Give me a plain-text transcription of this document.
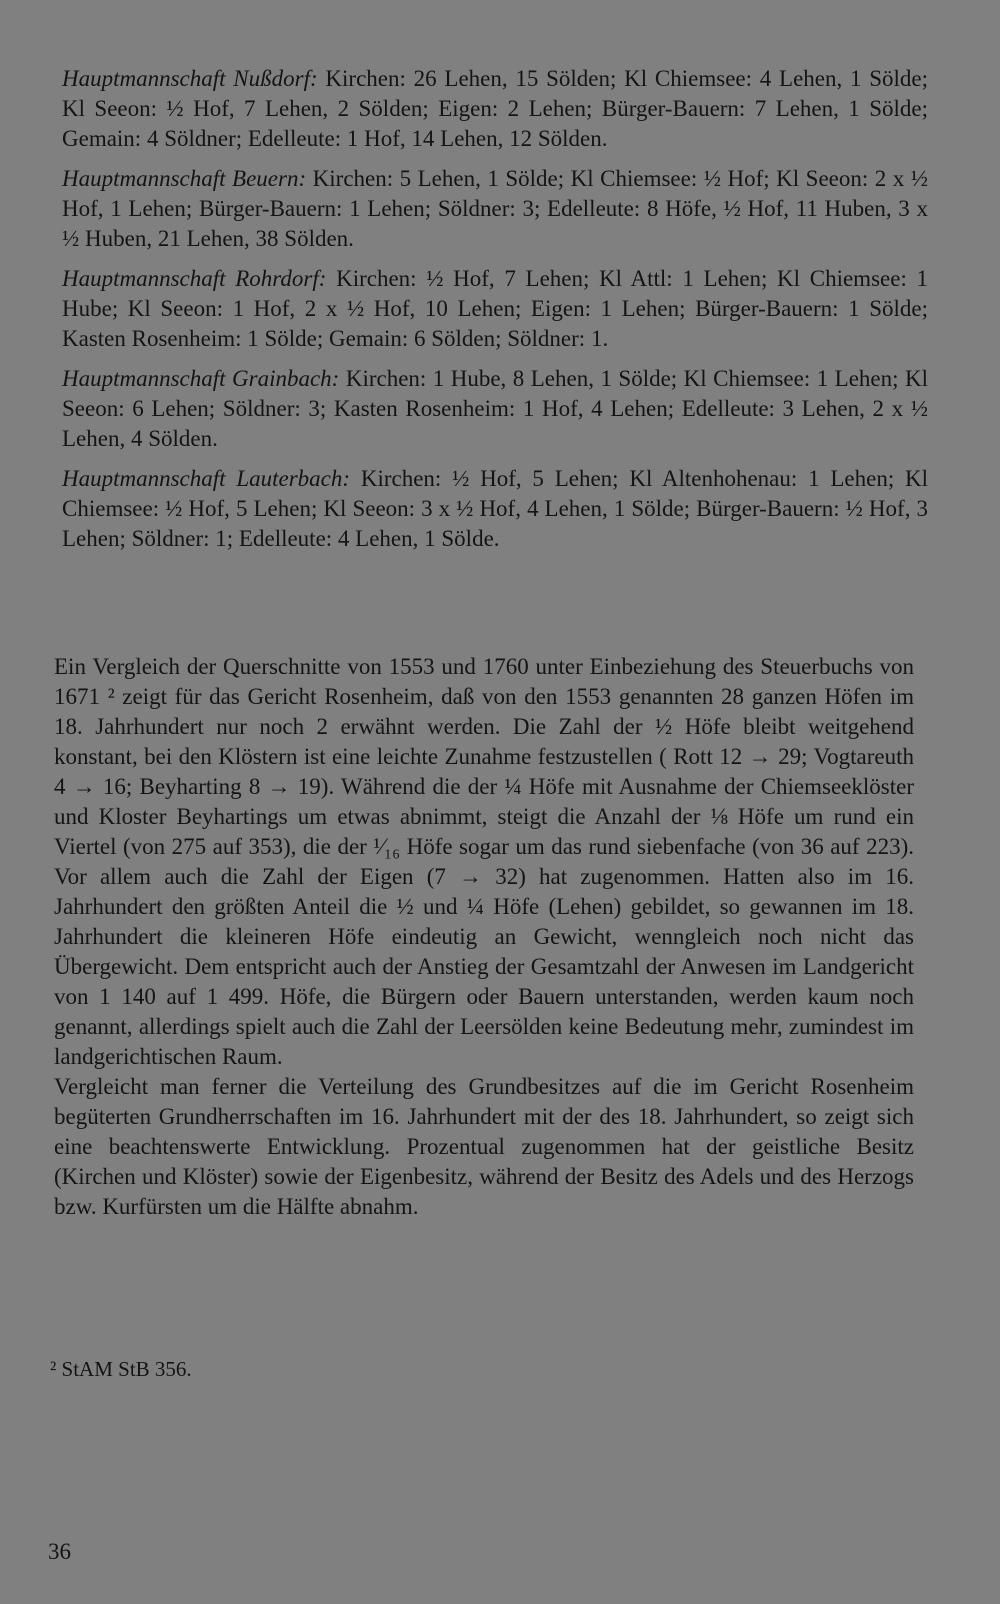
Hauptmannschaft Nußdorf: Kirchen: 26 Lehen, 15 Sölden; Kl Chiemsee: 4 Lehen, 1 Sölde; Kl Seeon: ½ Hof, 7 Lehen, 2 Sölden; Eigen: 2 Lehen; Bürger-Bauern: 7 Lehen, 1 Sölde; Gemain: 4 Söldner; Edelleute: 1 Hof, 14 Lehen, 12 Sölden.

Hauptmannschaft Beuern: Kirchen: 5 Lehen, 1 Sölde; Kl Chiemsee: ½ Hof; Kl Seeon: 2 x ½ Hof, 1 Lehen; Bürger-Bauern: 1 Lehen; Söldner: 3; Edelleute: 8 Höfe, ½ Hof, 11 Huben, 3 x ½ Huben, 21 Lehen, 38 Sölden.

Hauptmannschaft Rohrdorf: Kirchen: ½ Hof, 7 Lehen; Kl Attl: 1 Lehen; Kl Chiemsee: 1 Hube; Kl Seeon: 1 Hof, 2 x ½ Hof, 10 Lehen; Eigen: 1 Lehen; Bürger-Bauern: 1 Sölde; Kasten Rosenheim: 1 Sölde; Gemain: 6 Sölden; Söldner: 1.

Hauptmannschaft Grainbach: Kirchen: 1 Hube, 8 Lehen, 1 Sölde; Kl Chiemsee: 1 Lehen; Kl Seeon: 6 Lehen; Söldner: 3; Kasten Rosenheim: 1 Hof, 4 Lehen; Edelleute: 3 Lehen, 2 x ½ Lehen, 4 Sölden.

Hauptmannschaft Lauterbach: Kirchen: ½ Hof, 5 Lehen; Kl Altenhohenau: 1 Lehen; Kl Chiemsee: ½ Hof, 5 Lehen; Kl Seeon: 3 x ½ Hof, 4 Lehen, 1 Sölde; Bürger-Bauern: ½ Hof, 3 Lehen; Söldner: 1; Edelleute: 4 Lehen, 1 Sölde.

Ein Vergleich der Querschnitte von 1553 und 1760 unter Einbeziehung des Steuerbuchs von 1671 ² zeigt für das Gericht Rosenheim, daß von den 1553 genannten 28 ganzen Höfen im 18. Jahrhundert nur noch 2 erwähnt werden. Die Zahl der ½ Höfe bleibt weitgehend konstant, bei den Klöstern ist eine leichte Zunahme festzustellen ( Rott 12 → 29; Vogtareuth 4 → 16; Beyharting 8 → 19). Während die der ¼ Höfe mit Ausnahme der Chiemseeklöster und Kloster Beyhartings um etwas abnimmt, steigt die Anzahl der ⅛ Höfe um rund ein Viertel (von 275 auf 353), die der ¹⁄₁₆ Höfe sogar um das rund siebenfache (von 36 auf 223). Vor allem auch die Zahl der Eigen (7 → 32) hat zugenommen. Hatten also im 16. Jahrhundert den größten Anteil die ½ und ¼ Höfe (Lehen) gebildet, so gewannen im 18. Jahrhundert die kleineren Höfe eindeutig an Gewicht, wenngleich noch nicht das Übergewicht. Dem entspricht auch der Anstieg der Gesamtzahl der Anwesen im Landgericht von 1 140 auf 1 499. Höfe, die Bürgern oder Bauern unterstanden, werden kaum noch genannt, allerdings spielt auch die Zahl der Leersölden keine Bedeutung mehr, zumindest im landgerichtischen Raum.

Vergleicht man ferner die Verteilung des Grundbesitzes auf die im Gericht Rosenheim begüterten Grundherrschaften im 16. Jahrhundert mit der des 18. Jahrhundert, so zeigt sich eine beachtenswerte Entwicklung. Prozentual zugenommen hat der geistliche Besitz (Kirchen und Klöster) sowie der Eigenbesitz, während der Besitz des Adels und des Herzogs bzw. Kurfürsten um die Hälfte abnahm.

² StAM StB 356.
36
